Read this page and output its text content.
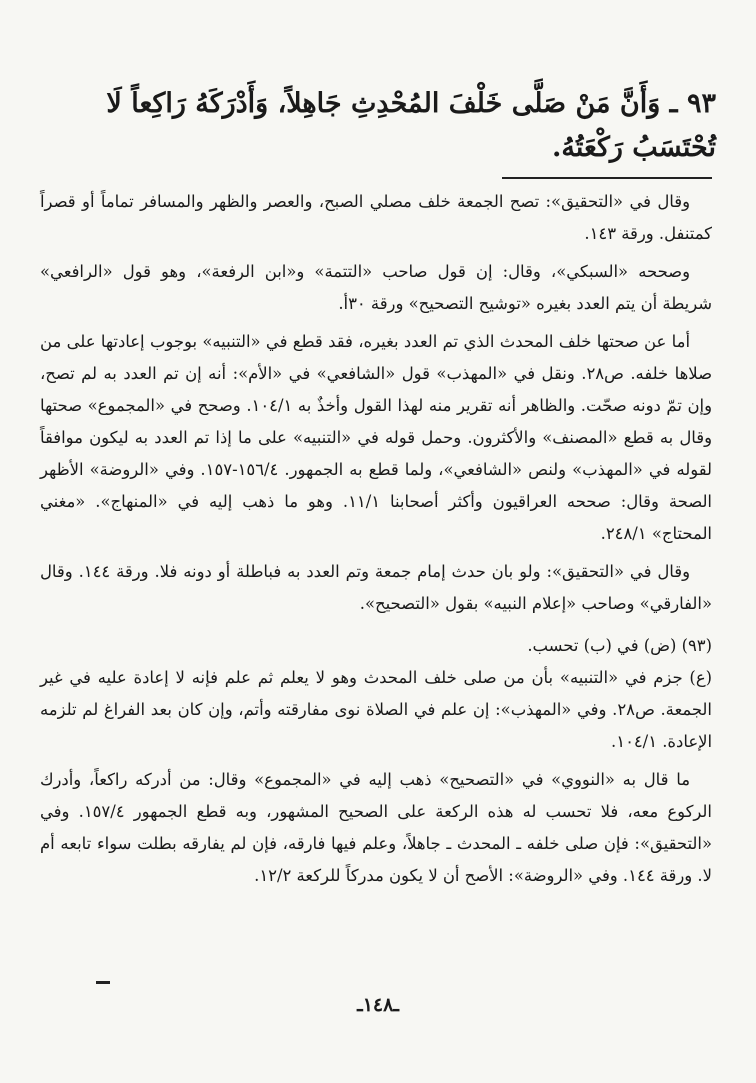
٩٣ ـ وَأَنَّ مَنْ صَلَّى خَلْفَ المُحْدِثِ جَاهِلاً، وَأَدْرَكَهُ رَاكِعاً لَا تُحْتَسَبُ رَكْعَتُهُ.

وقال في «التحقيق»: تصح الجمعة خلف مصلي الصبح، والعصر والظهر والمسافر تماماً أو قصراً كمتنفل. ورقة ١٤٣.

وصححه «السبكي»، وقال: إن قول صاحب «التتمة» و«ابن الرفعة»، وهو قول «الرافعي» شريطة أن يتم العدد بغيره «توشيح التصحيح» ورقة ٣٠أ.

أما عن صحتها خلف المحدث الذي تم العدد بغيره، فقد قطع في «التنبيه» بوجوب إعادتها على من صلاها خلفه. ص٢٨. ونقل في «المهذب» قول «الشافعي» في «الأم»: أنه إن تم العدد به لم تصح، وإن تمّ دونه صحّت. والظاهر أنه تقرير منه لهذا القول وأخذٌ به ١٠٤/١. وصحح في «المجموع» صحتها وقال به قطع «المصنف» والأكثرون. وحمل قوله في «التنبيه» على ما إذا تم العدد به ليكون موافقاً لقوله في «المهذب» ولنص «الشافعي»، ولما قطع به الجمهور. ١٥٦/٤-١٥٧. وفي «الروضة» الأظهر الصحة وقال: صححه العراقيون وأكثر أصحابنا ١١/١. وهو ما ذهب إليه في «المنهاج». «مغني المحتاج» ٢٤٨/١.

وقال في «التحقيق»: ولو بان حدث إمام جمعة وتم العدد به فباطلة أو دونه فلا. ورقة ١٤٤. وقال «الفارقي» وصاحب «إعلام النبيه» بقول «التصحيح».

(٩٣) (ض) في (ب) تحسب.

(ع) جزم في «التنبيه» بأن من صلى خلف المحدث وهو لا يعلم ثم علم فإنه لا إعادة عليه في غير الجمعة. ص٢٨. وفي «المهذب»: إن علم في الصلاة نوى مفارقته وأتم، وإن كان بعد الفراغ لم تلزمه الإعادة. ١٠٤/١.

ما قال به «النووي» في «التصحيح» ذهب إليه في «المجموع» وقال: من أدركه راكعاً، وأدرك الركوع معه، فلا تحسب له هذه الركعة على الصحيح المشهور، وبه قطع الجمهور ١٥٧/٤. وفي «التحقيق»: فإن صلى خلفه ـ المحدث ـ جاهلاً، وعلم فيها فارقه، فإن لم يفارقه بطلت سواء تابعه أم لا. ورقة ١٤٤. وفي «الروضة»: الأصح أن لا يكون مدركاً للركعة ١٢/٢.

ـ١٤٨ـ
